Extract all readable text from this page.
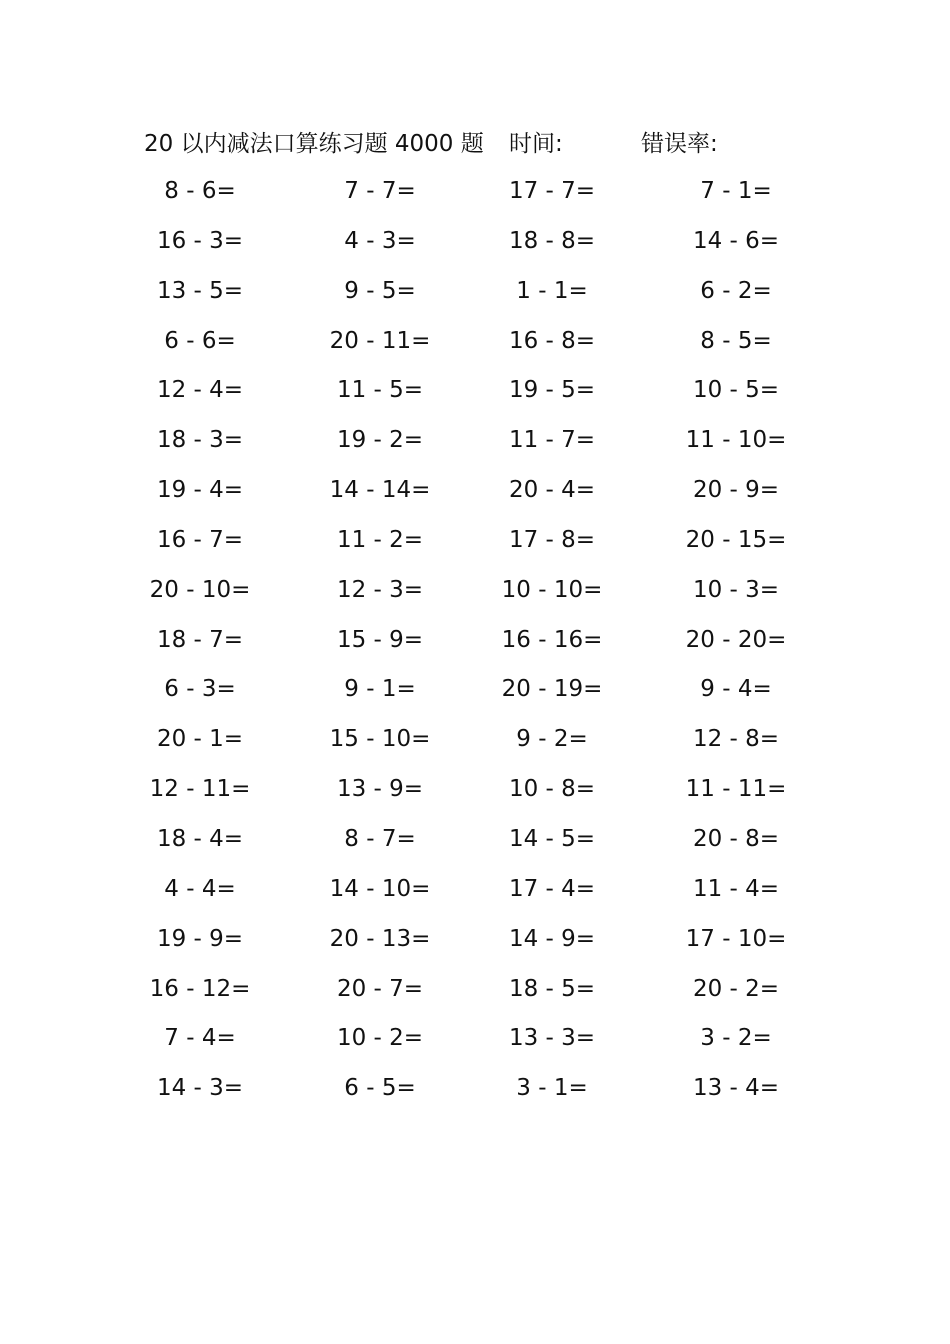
20 以内减法口算练习题 4000 题 时间:	错误率:
8 - 6=	7 - 7=	17 - 7=	7 - 1=
16 - 3=	4 - 3=	18 - 8=	14 - 6=
13 - 5=	9 - 5=	1 - 1=	6 - 2=
6 - 6=	20 - 11=	16 - 8=	8 - 5=
12 - 4=	11 - 5=	19 - 5=	10 - 5=
18 - 3=	19 - 2=	11 - 7=	11 - 10=
19 - 4=	14 - 14=	20 - 4=	20 - 9=
16 - 7=	11 - 2=	17 - 8=	20 - 15=
20 - 10=	12 - 3=	10 - 10=	10 - 3=
18 - 7=	15 - 9=	16 - 16=	20 - 20=
6 - 3=	9 - 1=	20 - 19=	9 - 4=
20 - 1=	15 - 10=	9 - 2=	12 - 8=
12 - 11=	13 - 9=	10 - 8=	11 - 11=
18 - 4=	8 - 7=	14 - 5=	20 - 8=
4 - 4=	14 - 10=	17 - 4=	11 - 4=
19 - 9=	20 - 13=	14 - 9=	17 - 10=
16 - 12=	20 - 7=	18 - 5=	20 - 2=
7 - 4=	10 - 2=	13 - 3=	3 - 2=
14 - 3=	6 - 5=	3 - 1=	13 - 4=
